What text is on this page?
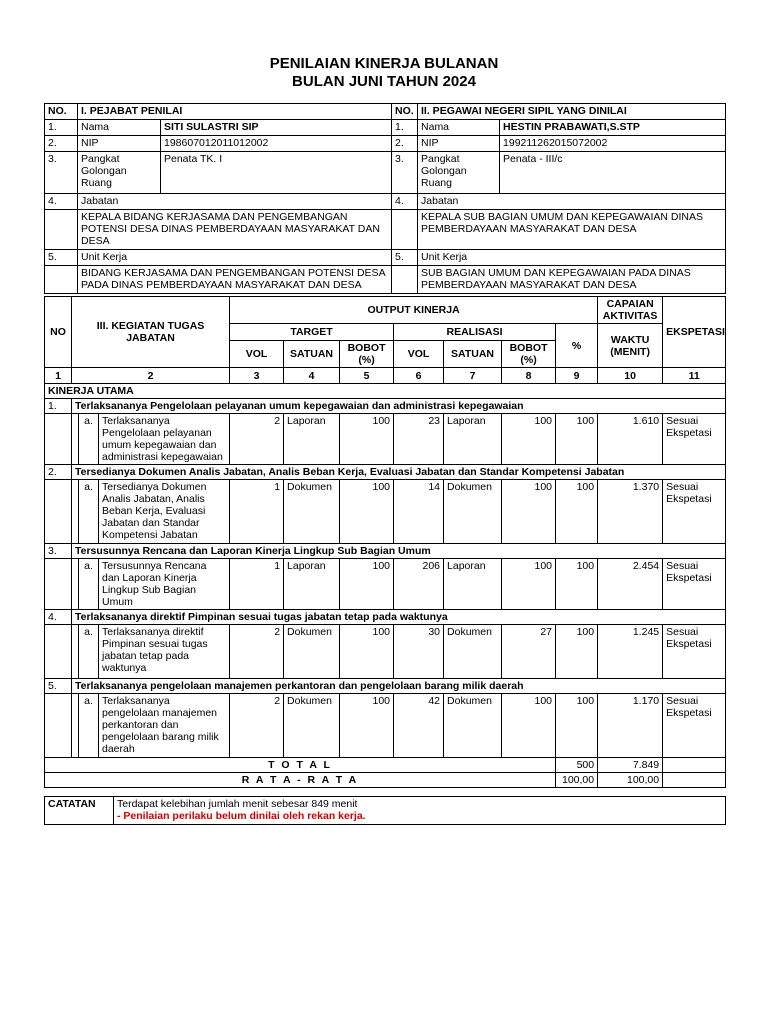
PENILAIAN KINERJA BULANAN
BULAN JUNI TAHUN 2024
NO.	I. PEJABAT PENILAI		NO.	II. PEGAWAI NEGERI SIPIL YANG DINILAI	
1.	Nama	SITI SULASTRI SIP	1.	Nama	HESTIN PRABAWATI,S.STP
2.	NIP	198607012011012002	2.	NIP	199211262015072002
3.	Pangkat Golongan Ruang	Penata TK. I	3.	Pangkat Golongan Ruang	Penata - III/c
4.	Jabatan		4.	Jabatan	
	KEPALA BIDANG KERJASAMA DAN PENGEMBANGAN POTENSI DESA DINAS PEMBERDAYAAN MASYARAKAT DAN DESA			KEPALA SUB BAGIAN UMUM DAN KEPEGAWAIAN DINAS PEMBERDAYAAN MASYARAKAT DAN DESA	
5.	Unit Kerja		5.	Unit Kerja	
	BIDANG KERJASAMA DAN PENGEMBANGAN POTENSI DESA PADA DINAS PEMBERDAYAAN MASYARAKAT DAN DESA			SUB BAGIAN UMUM DAN KEPEGAWAIAN PADA DINAS PEMBERDAYAAN MASYARAKAT DAN DESA	
NO	III. KEGIATAN TUGAS JABATAN			OUTPUT KINERJA							CAPAIAN AKTIVITAS	EKSPETASI
				TARGET			REALISASI			%	WAKTU (MENIT)	
				VOL	SATUAN	BOBOT (%)	VOL	SATUAN	BOBOT (%)			
1	2			3	4	5	6	7	8	9	10	11
KINERJA UTAMA												
1.	Terlaksananya Pengelolaan pelayanan umum kepegawaian dan administrasi kepegawaian											
		a.	Terlaksananya Pengelolaan pelayanan umum kepegawaian dan administrasi kepegawaian	2	Laporan	100	23	Laporan	100	100	1.610	Sesuai Ekspetasi
2.	Tersedianya Dokumen Analis Jabatan, Analis Beban Kerja, Evaluasi Jabatan dan Standar Kompetensi Jabatan											
		a.	Tersedianya Dokumen Analis Jabatan, Analis Beban Kerja, Evaluasi Jabatan dan Standar Kompetensi Jabatan	1	Dokumen	100	14	Dokumen	100	100	1.370	Sesuai Ekspetasi
3.	Tersusunnya Rencana dan Laporan Kinerja Lingkup Sub Bagian Umum											
		a.	Tersusunnya Rencana dan Laporan Kinerja Lingkup Sub Bagian Umum	1	Laporan	100	206	Laporan	100	100	2.454	Sesuai Ekspetasi
4.	Terlaksananya direktif Pimpinan sesuai tugas jabatan tetap pada waktunya											
		a.	Terlaksananya direktif Pimpinan sesuai tugas jabatan tetap pada waktunya	2	Dokumen	100	30	Dokumen	27	100	1.245	Sesuai Ekspetasi
5.	Terlaksananya pengelolaan manajemen perkantoran dan pengelolaan barang milik daerah											
		a.	Terlaksananya pengelolaan manajemen perkantoran dan pengelolaan barang milik daerah	2	Dokumen	100	42	Dokumen	100	100	1.170	Sesuai Ekspetasi
T O T A L										500	7.849	
R A T A - R A T A										100,00	100,00	
CATATAN	Terdapat kelebihan jumlah menit sebesar 849 menit
- Penilaian perilaku belum dinilai oleh rekan kerja.
